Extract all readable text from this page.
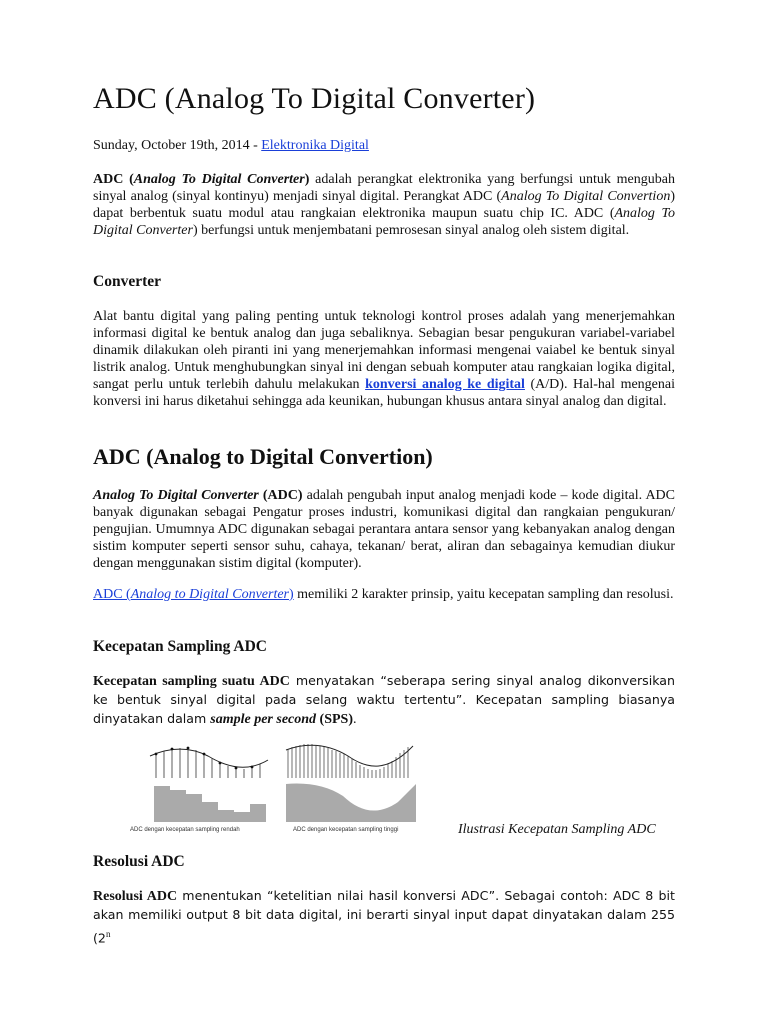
ADC (Analog To Digital Converter)
Sunday, October 19th, 2014 - Elektronika Digital

ADC (Analog To Digital Converter) adalah perangkat elektronika yang berfungsi untuk mengubah sinyal analog (sinyal kontinyu) menjadi sinyal digital. Perangkat ADC (Analog To Digital Convertion) dapat berbentuk suatu modul atau rangkaian elektronika maupun suatu chip IC. ADC (Analog To Digital Converter) berfungsi untuk menjembatani pemrosesan sinyal analog oleh sistem digital.

Converter

Alat bantu digital yang paling penting untuk teknologi kontrol proses adalah yang menerjemahkan informasi digital ke bentuk analog dan juga sebaliknya. Sebagian besar pengukuran variabel-variabel dinamik dilakukan oleh piranti ini yang menerjemahkan informasi mengenai vaiabel ke bentuk sinyal listrik analog. Untuk menghubungkan sinyal ini dengan sebuah komputer atau rangkaian logika digital, sangat perlu untuk terlebih dahulu melakukan konversi analog ke digital (A/D). Hal-hal mengenai konversi ini harus diketahui sehingga ada keunikan, hubungan khusus antara sinyal analog dan digital.

ADC (Analog to Digital Convertion)

Analog To Digital Converter (ADC) adalah pengubah input analog menjadi kode – kode digital. ADC banyak digunakan sebagai Pengatur proses industri, komunikasi digital dan rangkaian pengukuran/ pengujian. Umumnya ADC digunakan sebagai perantara antara sensor yang kebanyakan analog dengan sistim komputer seperti sensor suhu, cahaya, tekanan/ berat, aliran dan sebagainya kemudian diukur dengan menggunakan sistim digital (komputer).

ADC (Analog to Digital Converter) memiliki 2 karakter prinsip, yaitu kecepatan sampling dan resolusi.

Kecepatan Sampling ADC

Kecepatan sampling suatu ADC menyatakan “seberapa sering sinyal analog dikonversikan ke bentuk sinyal digital pada selang waktu tertentu”. Kecepatan sampling biasanya dinyatakan dalam sample per second (SPS).

ADC dengan kecepatan sampling rendah	ADC dengan kecepatan sampling tinggi	Ilustrasi Kecepatan Sampling ADC
Resolusi ADC

Resolusi ADC menentukan “ketelitian nilai hasil konversi ADC”. Sebagai contoh: ADC 8 bit akan memiliki output 8 bit data digital, ini berarti sinyal input dapat dinyatakan dalam 255 (2$^n$
